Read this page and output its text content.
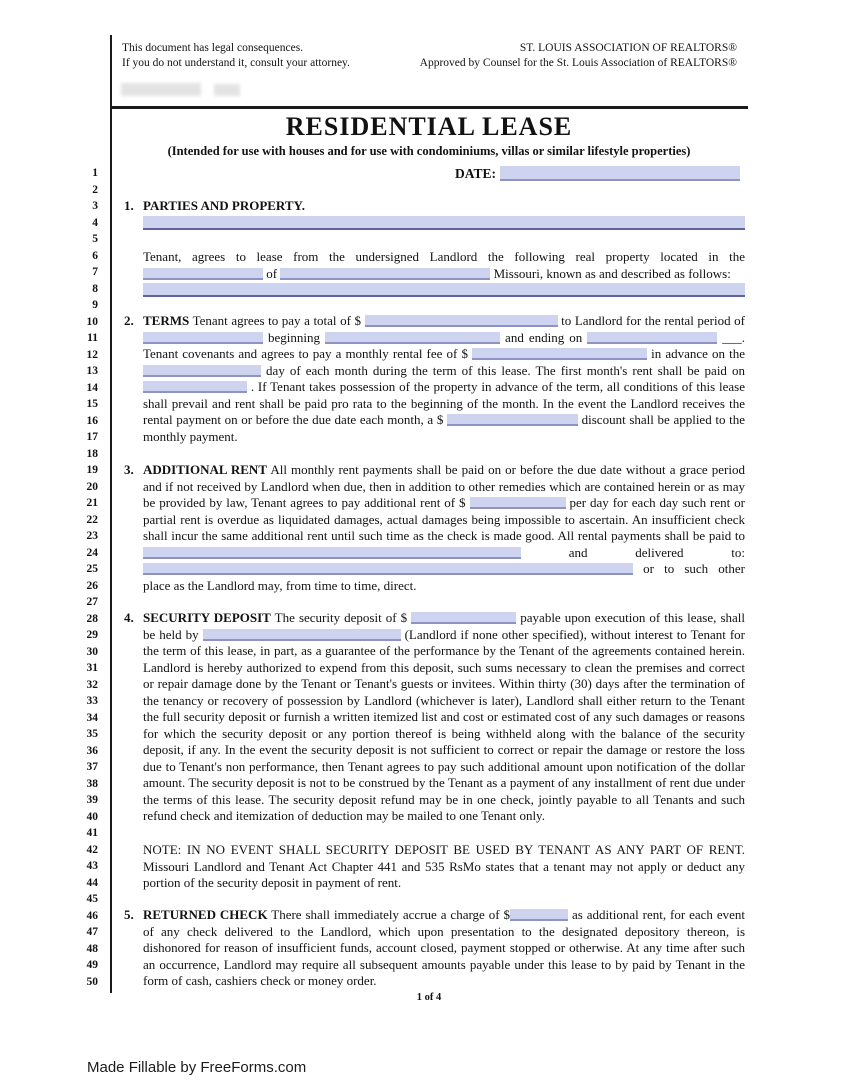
This document has legal consequences.
If you do not understand it, consult your attorney.
ST. LOUIS ASSOCIATION OF REALTORS®
Approved by Counsel for the St. Louis Association of REALTORS®
1
2
3
4
5
6
7
8
9
10
11
12
13
14
15
16
17
18
19
20
21
22
23
24
25
26
27
28
29
30
31
32
33
34
35
36
37
38
39
40
41
42
43
44
45
46
47
48
49
50
RESIDENTIAL LEASE
(Intended for use with houses and for use with condominiums, villas or similar lifestyle properties)
DATE:
1. PARTIES AND PROPERTY.
Tenant, agrees to lease from the undersigned Landlord the following real property located in the  of	Missouri, known as and described as follows:
2. TERMS Tenant agrees to pay a total of $	to Landlord for the rental period of  beginning	and ending on	___. Tenant covenants and agrees to pay a monthly rental fee of $	in advance on the  day of each month during the term of this lease. The first month's rent shall be paid on  . If Tenant takes possession of the property in advance of the term, all conditions of this lease shall prevail and rent shall be paid pro rata to the beginning of the month. In the event the Landlord receives the rental payment on or before the due date each month, a $	discount shall be applied to the monthly payment.
3. ADDITIONAL RENT All monthly rent payments shall be paid on or before the due date without a grace period and if not received by Landlord when due, then in addition to other remedies which are contained herein or as may be provided by law, Tenant agrees to pay additional rent of $	per day for each day such rent or partial rent is overdue as liquidated damages, actual damages being impossible to ascertain. An insufficient check shall incur the same additional rent until such time as the check is made good. All rental payments shall be paid to  and delivered to:  or to such other place as the Landlord may, from time to time, direct.
4. SECURITY DEPOSIT The security deposit of $	payable upon execution of this lease, shall be held by	(Landlord if none other specified), without interest to Tenant for the term of this lease, in part, as a guarantee of the performance by the Tenant of the agreements contained herein. Landlord is hereby authorized to expend from this deposit, such sums necessary to clean the premises and correct or repair damage done by the Tenant or Tenant's guests or invitees. Within thirty (30) days after the termination of the tenancy or recovery of possession by Landlord (whichever is later), Landlord shall either return to the Tenant the full security deposit or furnish a written itemized list and cost or estimated cost of any such damages or reasons for which the security deposit or any portion thereof is being withheld along with the balance of the security deposit, if any. In the event the security deposit is not sufficient to correct or repair the damage or restore the loss due to Tenant's non performance, then Tenant agrees to pay such additional amount upon notification of the dollar amount. The security deposit is not to be construed by the Tenant as a payment of any installment of rent due under the terms of this lease. The security deposit refund may be in one check, jointly payable to all Tenants and such refund check and itemization of deduction may be mailed to one Tenant only.
NOTE: IN NO EVENT SHALL SECURITY DEPOSIT BE USED BY TENANT AS ANY PART OF RENT. Missouri Landlord and Tenant Act Chapter 441 and 535 RsMo states that a tenant may not apply or deduct any portion of the security deposit in payment of rent.
5. RETURNED CHECK There shall immediately accrue a charge of $	as additional rent, for each event of any check delivered to the Landlord, which upon presentation to the designated depository thereon, is dishonored for reason of insufficient funds, account closed, payment stopped or otherwise. At any time after such an occurrence, Landlord may require all subsequent amounts payable under this lease to by paid by Tenant in the form of cash, cashiers check or money order.
1 of 4
Made Fillable by FreeForms.com
